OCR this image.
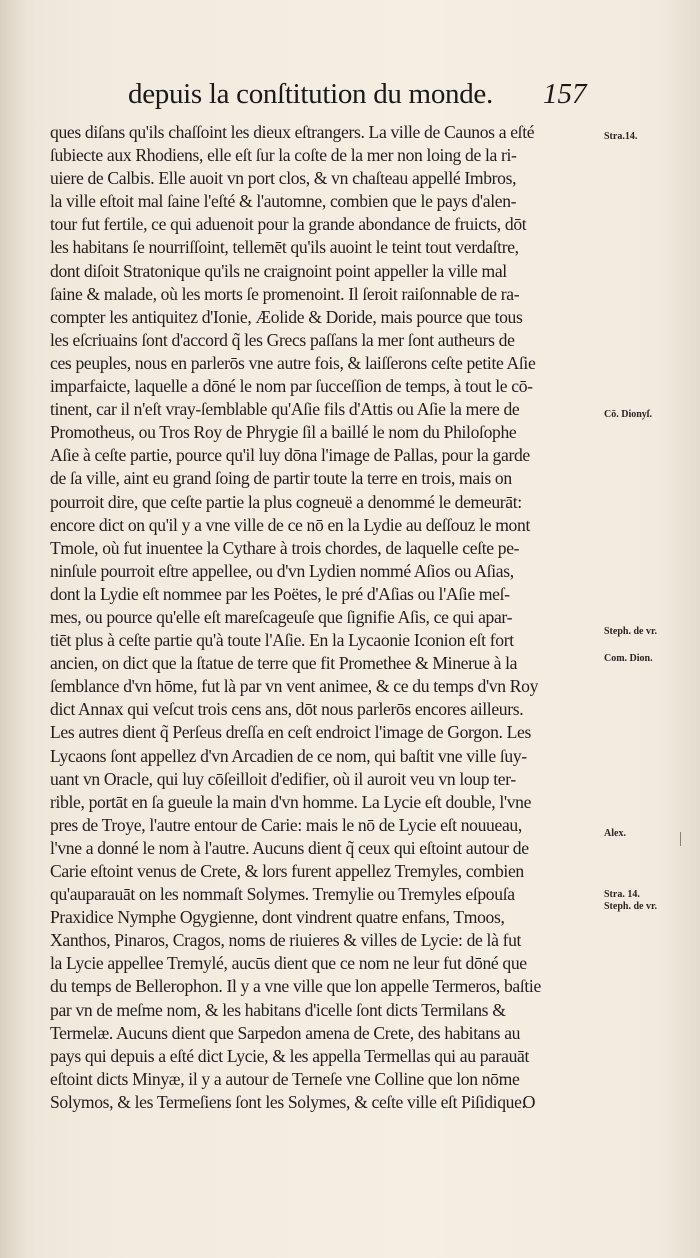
depuis la conſtitution du monde.	157
ques diſans qu'ils chaſſoint les dieux eſtrangers. La ville de Caunos a eſté
ſubiecte aux Rhodiens, elle eſt ſur la coſte de la mer non loing de la ri-
uiere de Calbis. Elle auoit vn port clos, & vn chaſteau appellé Imbros,
la ville eſtoit mal ſaine l'eſté & l'automne, combien que le pays d'alen-
tour fut fertile, ce qui aduenoit pour la grande abondance de fruicts, dōt
les habitans ſe nourriſſoint, tellemēt qu'ils auoint le teint tout verdaſtre,
dont diſoit Stratonique qu'ils ne craignoint point appeller la ville mal
ſaine & malade, où les morts ſe promenoint. Il ſeroit raiſonnable de ra-
compter les antiquitez d'Ionie, Æolide & Doride, mais pource que tous
les eſcriuains ſont d'accord q̃ les Grecs paſſans la mer ſont autheurs de
ces peuples, nous en parlerōs vne autre fois, & laiſſerons ceſte petite Aſie
imparfaicte, laquelle a dōné le nom par ſucceſſion de temps, à tout le cō-
tinent, car il n'eſt vray-ſemblable qu'Aſie fils d'Attis ou Aſie la mere de
Promotheus, ou Tros Roy de Phrygie ſil a baillé le nom du Philoſophe
Aſie à ceſte partie, pource qu'il luy dōna l'image de Pallas, pour la garde
de ſa ville, aint eu grand ſoing de partir toute la terre en trois, mais on
pourroit dire, que ceſte partie la plus cogneuë a denommé le demeurāt:
encore dict on qu'il y a vne ville de ce nō en la Lydie au deſſouz le mont
Tmole, où fut inuentee la Cythare à trois chordes, de laquelle ceſte pe-
ninſule pourroit eſtre appellee, ou d'vn Lydien nommé Aſios ou Aſias,
dont la Lydie eſt nommee par les Poëtes, le pré d'Aſias ou l'Aſie meſ-
mes, ou pource qu'elle eſt mareſcageuſe que ſignifie Aſis, ce qui apar-
tiēt plus à ceſte partie qu'à toute l'Aſie. En la Lycaonie Iconion eſt fort
ancien, on dict que la ſtatue de terre que fit Promethee & Minerue à la
ſemblance d'vn hōme, fut là par vn vent animee, & ce du temps d'vn Roy
dict Annax qui veſcut trois cens ans, dōt nous parlerōs encores ailleurs.
Les autres dient q̃ Perſeus dreſſa en ceſt endroict l'image de Gorgon. Les
Lycaons ſont appellez d'vn Arcadien de ce nom, qui baſtit vne ville ſuy-
uant vn Oracle, qui luy cōſeilloit d'edifier, où il auroit veu vn loup ter-
rible, portāt en ſa gueule la main d'vn homme. La Lycie eſt double, l'vne
pres de Troye, l'autre entour de Carie: mais le nō de Lycie eſt nouueau,
l'vne a donné le nom à l'autre. Aucuns dient q̃ ceux qui eſtoint autour de
Carie eſtoint venus de Crete, & lors furent appellez Tremyles, combien
qu'auparauāt on les nommaſt Solymes. Tremylie ou Tremyles eſpouſa
Praxidice Nymphe Ogygienne, dont vindrent quatre enfans, Tmoos,
Xanthos, Pinaros, Cragos, noms de riuieres & villes de Lycie: de là fut
la Lycie appellee Tremylé, aucūs dient que ce nom ne leur fut dōné que
du temps de Bellerophon. Il y a vne ville que lon appelle Termeros, baſtie
par vn de meſme nom, & les habitans d'icelle ſont dicts Termilans &
Termelæ. Aucuns dient que Sarpedon amena de Crete, des habitans au
pays qui depuis a eſté dict Lycie, & les appella Termellas qui au parauāt
eſtoint dicts Minyæ, il y a autour de Terneſe vne Colline que lon nōme
Solymos, & les Termeſiens ſont les Solymes, & ceſte ville eſt Piſidique.
Stra.14.
Cō. Dionyſ.
Steph. de vr.
Com. Dion.
Alex.
Stra. 14.
Steph. de vr.
O
